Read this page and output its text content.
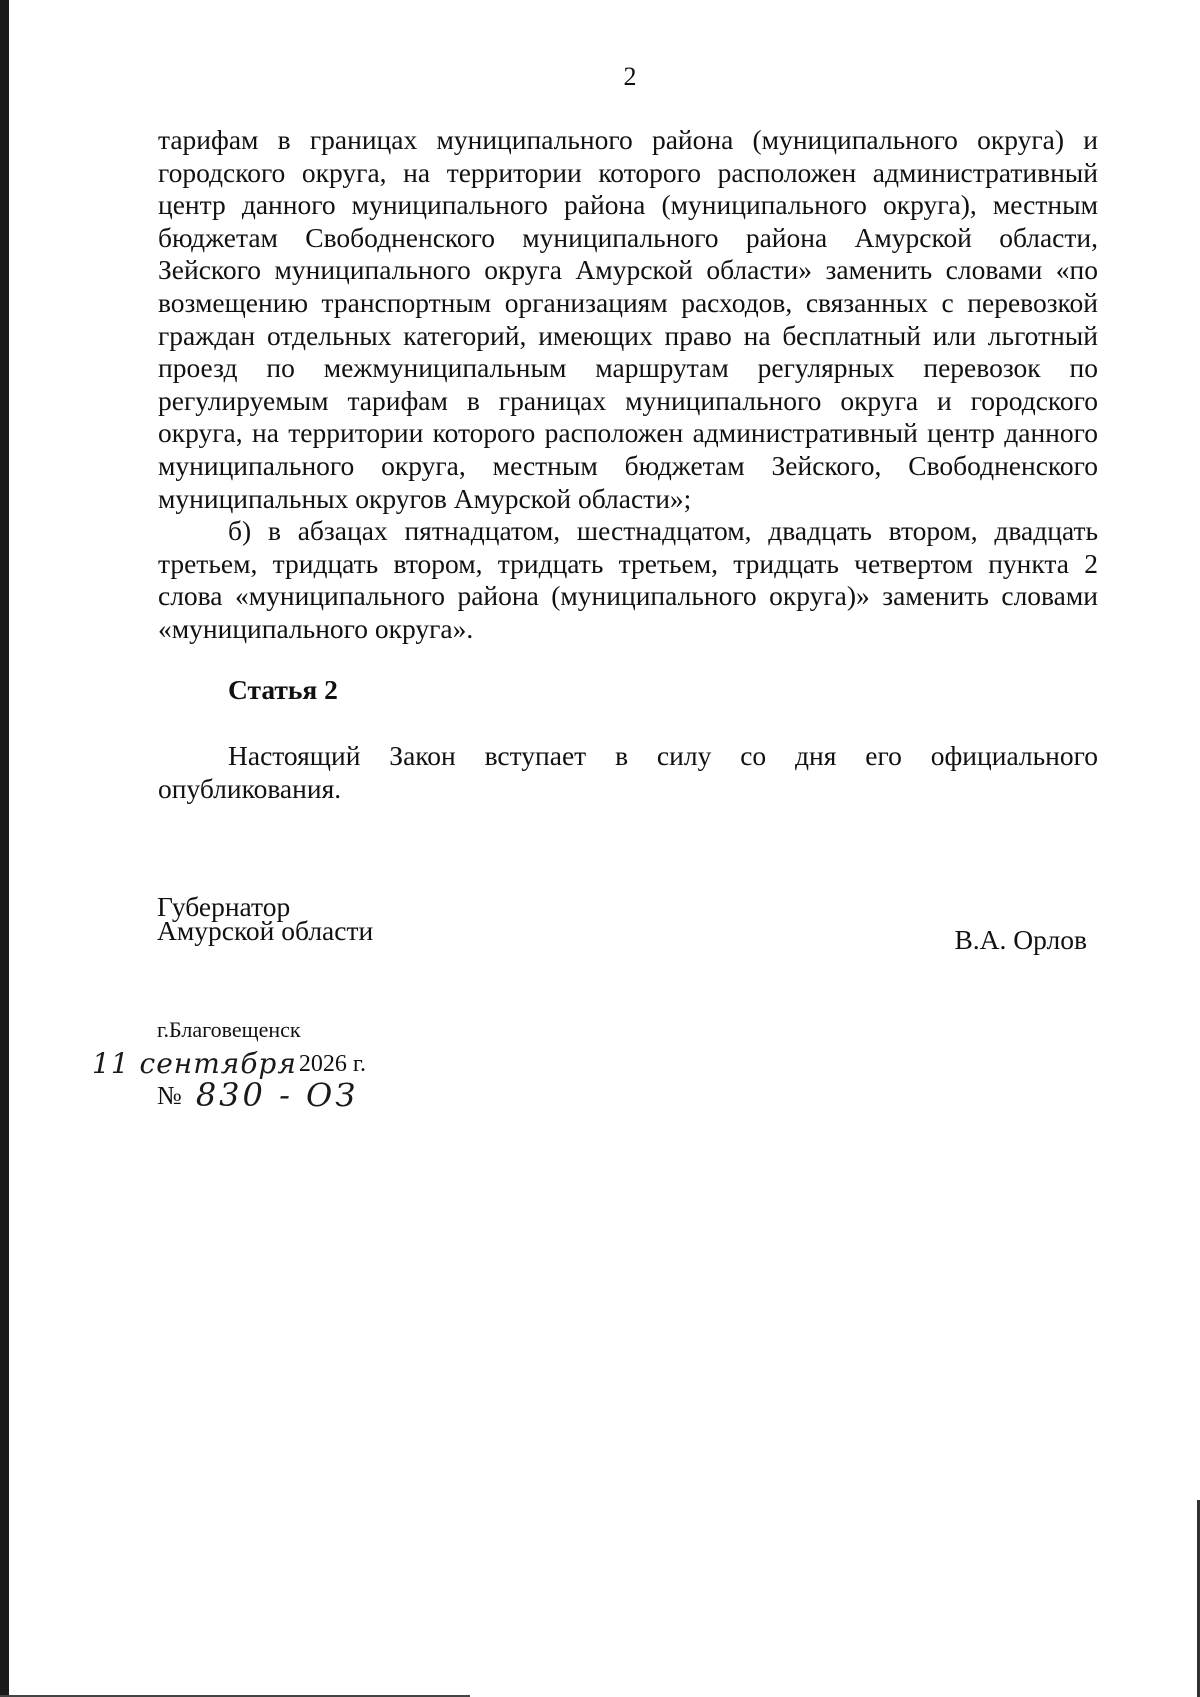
2

тарифам в границах муниципального района (муниципального округа) и городского округа, на территории которого расположен административный центр данного муниципального района (муниципального округа), местным бюджетам Свободненского муниципального района Амурской области, Зейского муниципального округа Амурской области» заменить словами «по возмещению транспортным организациям расходов, связанных с перевозкой граждан отдельных категорий, имеющих право на бесплатный или льготный проезд по межмуниципальным маршрутам регулярных перевозок по регулируемым тарифам в границах муниципального округа и городского округа, на территории которого расположен административный центр данного муниципального округа, местным бюджетам Зейского, Свободненского муниципальных округов Амурской области»;

б) в абзацах пятнадцатом, шестнадцатом, двадцать втором, двадцать третьем, тридцать втором, тридцать третьем, тридцать четвертом пункта 2 слова «муниципального района (муниципального округа)» заменить словами «муниципального округа».

Статья 2

Настоящий Закон вступает в силу со дня его официального опубликования.

Губернатор
Амурской области	В.А. Орлов
г.Благовещенск
11 сентября 2026 г.
№ 830 - ОЗ
